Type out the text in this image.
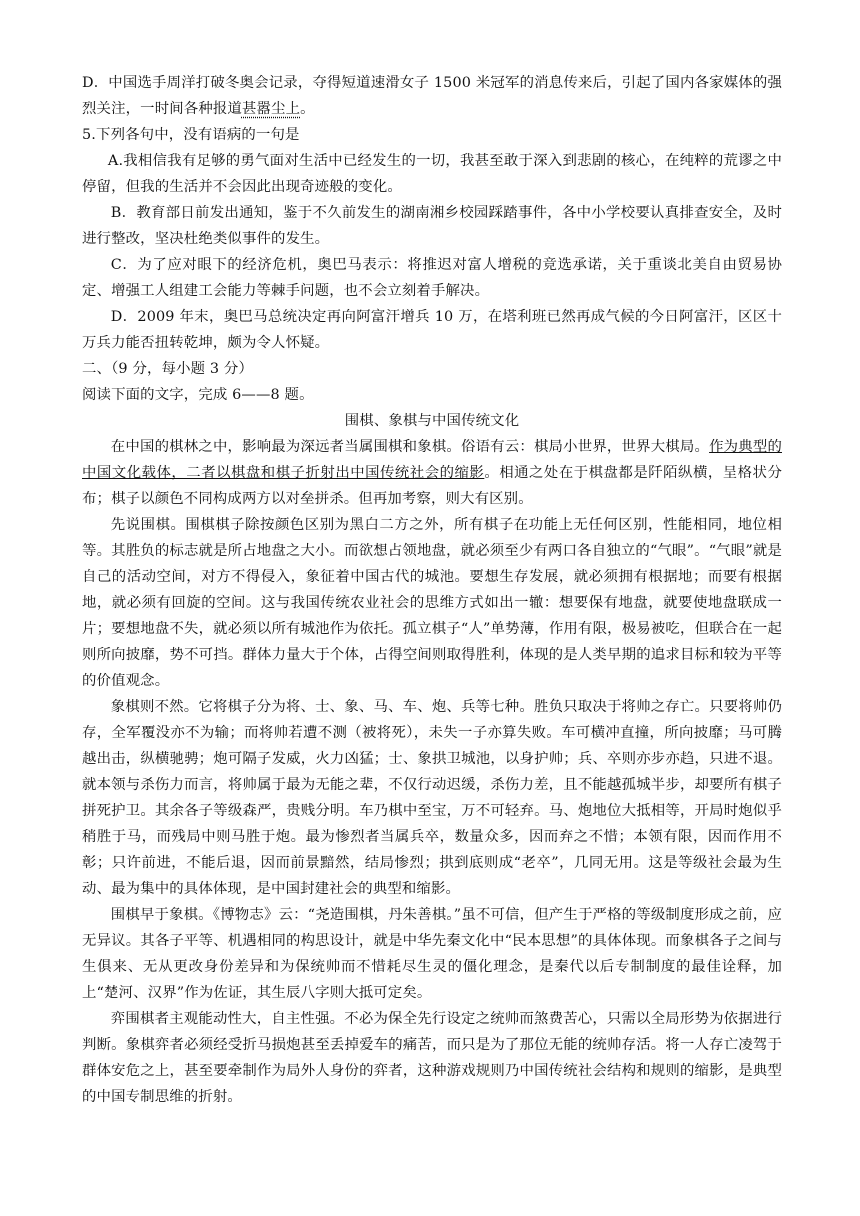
D．中国选手周洋打破冬奥会记录，夺得短道速滑女子 1500 米冠军的消息传来后，引起了国内各家媒体的强烈关注，一时间各种报道甚嚣尘上。
5.下列各句中，没有语病的一句是
A.我相信我有足够的勇气面对生活中已经发生的一切，我甚至敢于深入到悲剧的核心，在纯粹的荒谬之中停留，但我的生活并不会因此出现奇迹般的变化。
B．教育部日前发出通知，鉴于不久前发生的湖南湘乡校园踩踏事件，各中小学校要认真排查安全，及时进行整改，坚决杜绝类似事件的发生。
C．为了应对眼下的经济危机，奥巴马表示：将推迟对富人增税的竞选承诺，关于重谈北美自由贸易协定、增强工人组建工会能力等棘手问题，也不会立刻着手解决。
D．2009 年末，奥巴马总统决定再向阿富汗增兵 10 万，在塔利班已然再成气候的今日阿富汗，区区十万兵力能否扭转乾坤，颇为令人怀疑。
二、（9 分，每小题 3 分）
阅读下面的文字，完成 6——8 题。
围棋、象棋与中国传统文化
在中国的棋林之中，影响最为深远者当属围棋和象棋。俗语有云：棋局小世界，世界大棋局。作为典型的中国文化载体，二者以棋盘和棋子折射出中国传统社会的缩影。相通之处在于棋盘都是阡陌纵横，呈格状分布；棋子以颜色不同构成两方以对垒拼杀。但再加考察，则大有区别。
先说围棋。围棋棋子除按颜色区别为黑白二方之外，所有棋子在功能上无任何区别，性能相同，地位相等。其胜负的标志就是所占地盘之大小。而欲想占领地盘，就必须至少有两口各自独立的“气眼”。“气眼”就是自己的活动空间，对方不得侵入，象征着中国古代的城池。要想生存发展，就必须拥有根据地；而要有根据地，就必须有回旋的空间。这与我国传统农业社会的思维方式如出一辙：想要保有地盘，就要使地盘联成一片；要想地盘不失，就必须以所有城池作为依托。孤立棋子“人”单势薄，作用有限，极易被吃，但联合在一起则所向披靡，势不可挡。群体力量大于个体，占得空间则取得胜利，体现的是人类早期的追求目标和较为平等的价值观念。
象棋则不然。它将棋子分为将、士、象、马、车、炮、兵等七种。胜负只取决于将帅之存亡。只要将帅仍存，全军覆没亦不为输；而将帅若遭不测（被将死），未失一子亦算失败。车可横冲直撞，所向披靡；马可腾越出击，纵横驰骋；炮可隔子发威，火力凶猛；士、象拱卫城池，以身护帅；兵、卒则亦步亦趋，只进不退。就本领与杀伤力而言，将帅属于最为无能之辈，不仅行动迟缓，杀伤力差，且不能越孤城半步，却要所有棋子拼死护卫。其余各子等级森严，贵贱分明。车乃棋中至宝，万不可轻弃。马、炮地位大抵相等，开局时炮似乎稍胜于马，而残局中则马胜于炮。最为惨烈者当属兵卒，数量众多，因而弃之不惜；本领有限，因而作用不彰；只许前进，不能后退，因而前景黯然，结局惨烈；拱到底则成“老卒”，几同无用。这是等级社会最为生动、最为集中的具体体现，是中国封建社会的典型和缩影。
围棋早于象棋。《博物志》云：“尧造围棋，丹朱善棋。”虽不可信，但产生于严格的等级制度形成之前，应无异议。其各子平等、机遇相同的构思设计，就是中华先秦文化中“民本思想”的具体体现。而象棋各子之间与生俱来、无从更改身份差异和为保统帅而不惜耗尽生灵的僵化理念，是秦代以后专制制度的最佳诠释，加上“楚河、汉界”作为佐证，其生辰八字则大抵可定矣。
弈围棋者主观能动性大，自主性强。不必为保全先行设定之统帅而煞费苦心，只需以全局形势为依据进行判断。象棋弈者必须经受折马损炮甚至丢掉爱车的痛苦，而只是为了那位无能的统帅存活。将一人存亡凌驾于群体安危之上，甚至要牵制作为局外人身份的弈者，这种游戏规则乃中国传统社会结构和规则的缩影，是典型的中国专制思维的折射。
